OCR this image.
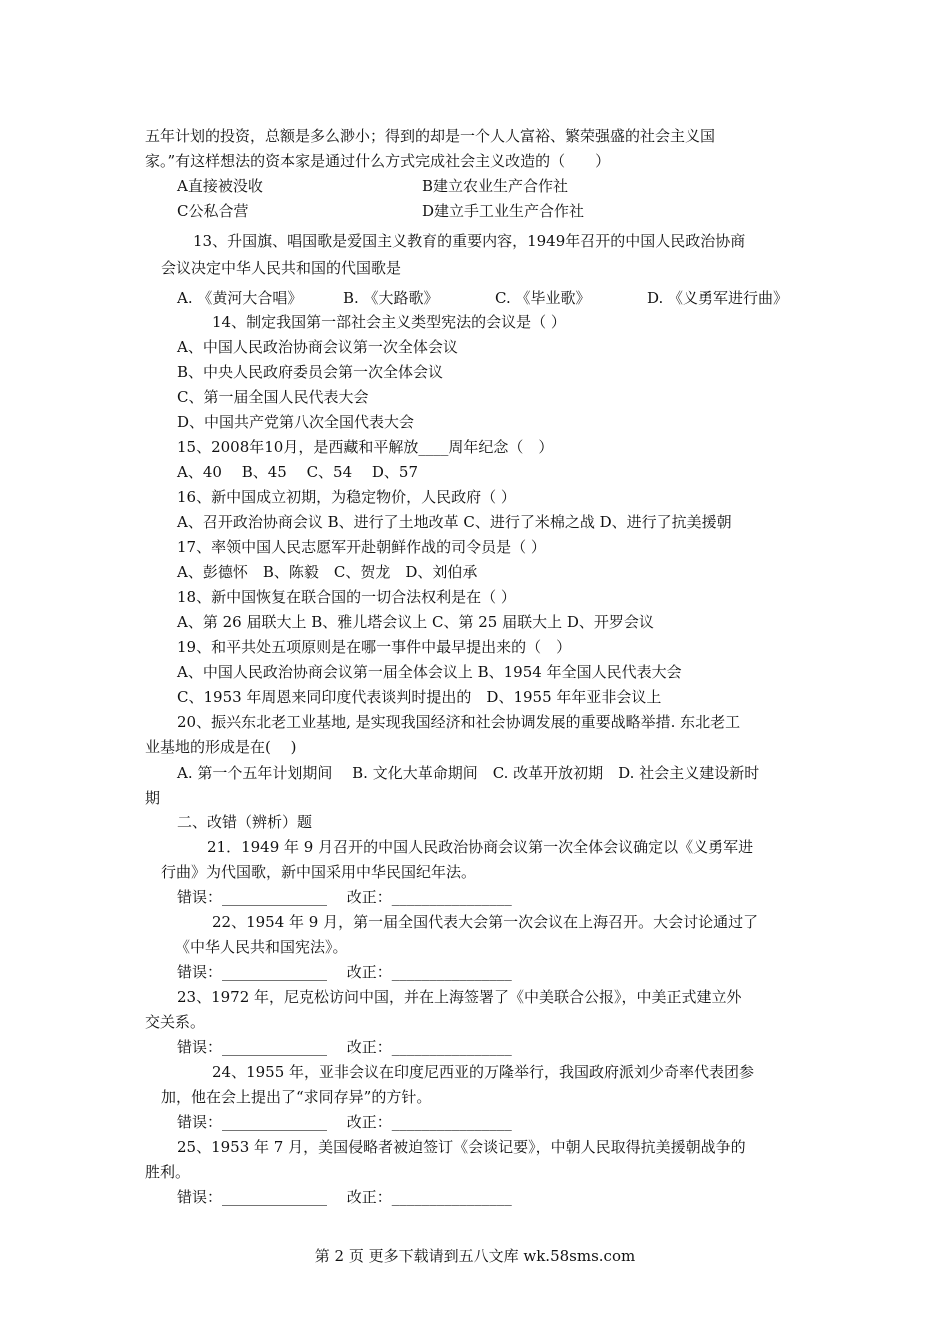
五年计划的投资，总额是多么渺小；得到的却是一个人人富裕、繁荣强盛的社会主义国
家。”有这样想法的资本家是通过什么方式完成社会主义改造的（　　）
A直接被没收	B建立农业生产合作社
C公私合营	D建立手工业生产合作社
13、升国旗、唱国歌是爱国主义教育的重要内容，1949年召开的中国人民政治协商
会议决定中华人民共和国的代国歌是
A. 《黄河大合唱》	B. 《大路歌》	C. 《毕业歌》	D. 《义勇军进行曲》
14、制定我国第一部社会主义类型宪法的会议是（ ）
A、中国人民政治协商会议第一次全体会议
B、中央人民政府委员会第一次全体会议
C、第一届全国人民代表大会
D、中国共产党第八次全国代表大会
15、2008年10月，是西藏和平解放____周年纪念（　）
A、40　 B、45　 C、54　 D、57
16、新中国成立初期，为稳定物价，人民政府（ ）
A、召开政治协商会议 B、进行了土地改革 C、进行了米棉之战 D、进行了抗美援朝
17、率领中国人民志愿军开赴朝鲜作战的司令员是（ ）
A、彭德怀　B、陈毅　C、贺龙　D、刘伯承
18、新中国恢复在联合国的一切合法权利是在（ ）
A、第 26 届联大上 B、雅儿塔会议上 C、第 25 届联大上 D、开罗会议
19、和平共处五项原则是在哪一事件中最早提出来的（　）
A、中国人民政治协商会议第一届全体会议上 B、1954 年全国人民代表大会
C、1953 年周恩来同印度代表谈判时提出的　D、1955 年年亚非会议上
20、振兴东北老工业基地, 是实现我国经济和社会协调发展的重要战略举措. 东北老工
业基地的形成是在(　 )
A. 第一个五年计划期间　 B. 文化大革命期间　C. 改革开放初期　D. 社会主义建设新时
期
二、改错（辨析）题
21．1949 年 9 月召开的中国人民政治协商会议第一次全体会议确定以《义勇军进
行曲》为代国歌，新中国采用中华民国纪年法。
错误：______________　 改正：________________
22、1954 年 9 月，第一届全国代表大会第一次会议在上海召开。大会讨论通过了
《中华人民共和国宪法》。
错误：______________　 改正：________________
23、1972 年，尼克松访问中国，并在上海签署了《中美联合公报》，中美正式建立外
交关系。
错误：______________　 改正：________________
24、1955 年，亚非会议在印度尼西亚的万隆举行，我国政府派刘少奇率代表团参
加，他在会上提出了“求同存异”的方针。
错误：______________　 改正：________________
25、1953 年 7 月，美国侵略者被迫签订《会谈记要》，中朝人民取得抗美援朝战争的
胜利。
错误：______________　 改正：________________
第 2 页 更多下载请到五八文库 wk.58sms.com
